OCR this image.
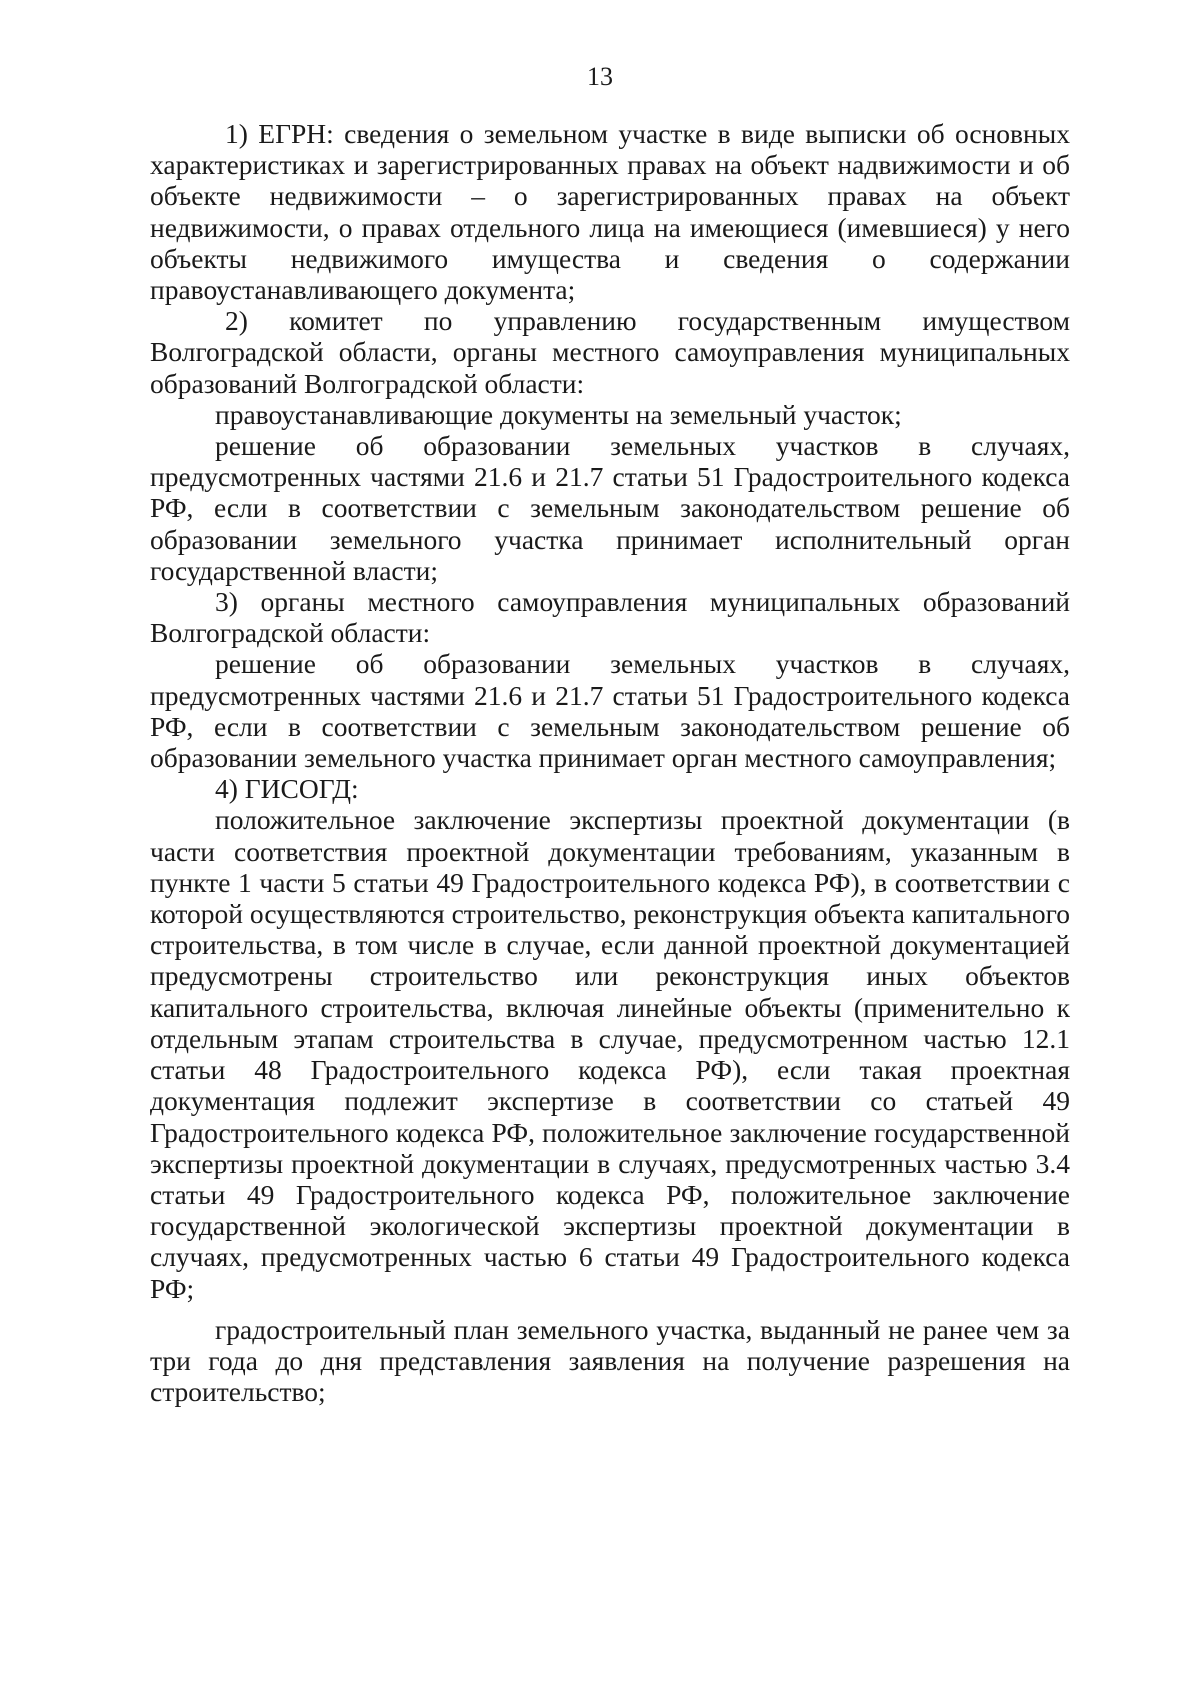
13

1) ЕГРН: сведения о земельном участке в виде выписки об основных характеристиках и зарегистрированных правах на объект надвижимости и об объекте недвижимости – о зарегистрированных правах на объект недвижимости, о правах отдельного лица на имеющиеся (имевшиеся) у него объекты недвижимого имущества и сведения о содержании правоустанавливающего документа;

2) комитет по управлению государственным имуществом Волгоградской области, органы местного самоуправления муниципальных образований Волгоградской области:

правоустанавливающие документы на земельный участок;

решение об образовании земельных участков в случаях, предусмотренных частями 21.6 и 21.7 статьи 51 Градостроительного кодекса РФ, если в соответствии с земельным законодательством решение об образовании земельного участка принимает исполнительный орган государственной власти;

3) органы местного самоуправления муниципальных образований Волгоградской области:

решение об образовании земельных участков в случаях, предусмотренных частями 21.6 и 21.7 статьи 51 Градостроительного кодекса РФ, если в соответствии с земельным законодательством решение об образовании земельного участка принимает орган местного самоуправления;

4) ГИСОГД:

положительное заключение экспертизы проектной документации (в части соответствия проектной документации требованиям, указанным в пункте 1 части 5 статьи 49 Градостроительного кодекса РФ), в соответствии с которой осуществляются строительство, реконструкция объекта капитального строительства, в том числе в случае, если данной проектной документацией предусмотрены строительство или реконструкция иных объектов капитального строительства, включая линейные объекты (применительно к отдельным этапам строительства в случае, предусмотренном частью 12.1 статьи 48 Градостроительного кодекса РФ), если такая проектная документация подлежит экспертизе в соответствии со статьей 49 Градостроительного кодекса РФ, положительное заключение государственной экспертизы проектной документации в случаях, предусмотренных частью 3.4 статьи 49 Градостроительного кодекса РФ, положительное заключение государственной экологической экспертизы проектной документации в случаях, предусмотренных частью 6 статьи 49 Градостроительного кодекса РФ;

градостроительный план земельного участка, выданный не ранее чем за три года до дня представления заявления на получение разрешения на строительство;
